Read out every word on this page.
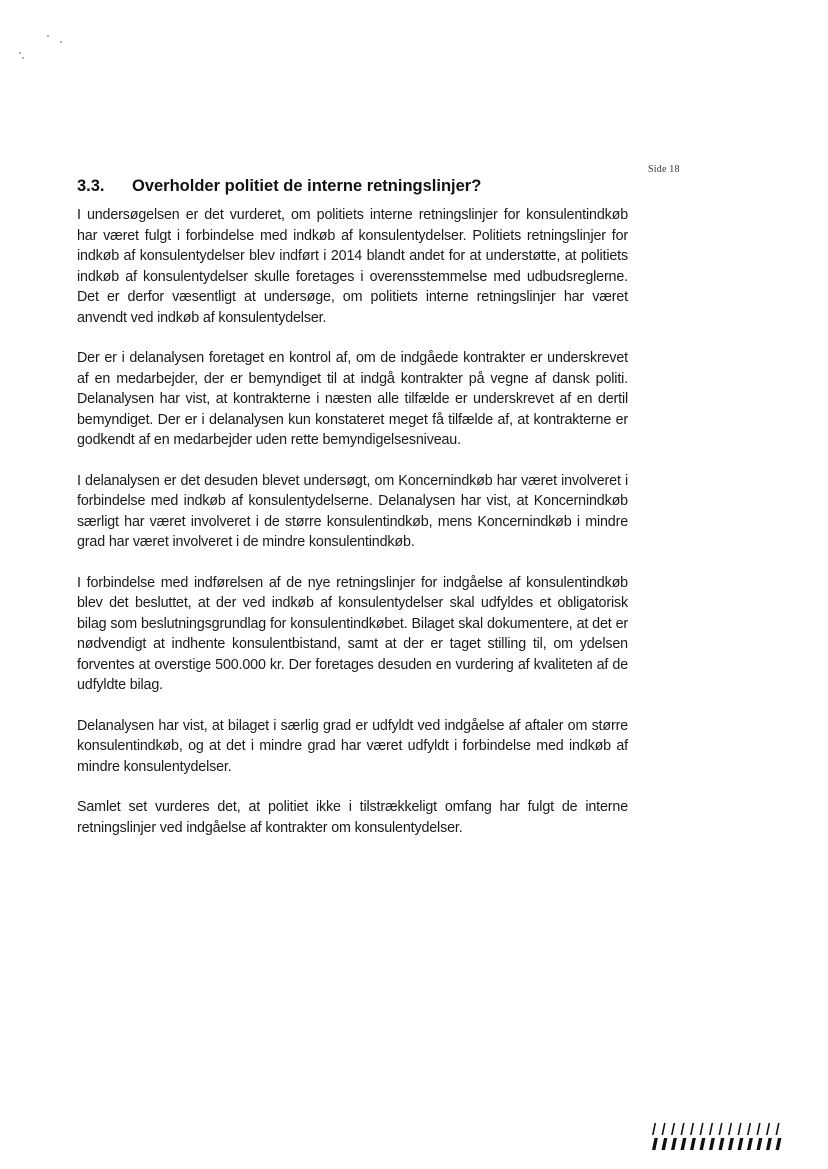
Side 18
3.3. Overholder politiet de interne retningslinjer?

I undersøgelsen er det vurderet, om politiets interne retningslinjer for konsulentindkøb har været fulgt i forbindelse med indkøb af konsulentydelser. Politiets retningslinjer for indkøb af konsulentydelser blev indført i 2014 blandt andet for at understøtte, at politiets indkøb af konsulentydelser skulle foretages i overensstemmelse med udbudsreglerne. Det er derfor væsentligt at undersøge, om politiets interne retningslinjer har været anvendt ved indkøb af konsulentydelser.

Der er i delanalysen foretaget en kontrol af, om de indgåede kontrakter er underskrevet af en medarbejder, der er bemyndiget til at indgå kontrakter på vegne af dansk politi. Delanalysen har vist, at kontrakterne i næsten alle tilfælde er underskrevet af en dertil bemyndiget. Der er i delanalysen kun konstateret meget få tilfælde af, at kontrakterne er godkendt af en medarbejder uden rette bemyndigelsesniveau.

I delanalysen er det desuden blevet undersøgt, om Koncernindkøb har været involveret i forbindelse med indkøb af konsulentydelserne. Delanalysen har vist, at Koncernindkøb særligt har været involveret i de større konsulentindkøb, mens Koncernindkøb i mindre grad har været involveret i de mindre konsulentindkøb.

I forbindelse med indførelsen af de nye retningslinjer for indgåelse af konsulentindkøb blev det besluttet, at der ved indkøb af konsulentydelser skal udfyldes et obligatorisk bilag som beslutningsgrundlag for konsulentindkøbet. Bilaget skal dokumentere, at det er nødvendigt at indhente konsulentbistand, samt at der er taget stilling til, om ydelsen forventes at overstige 500.000 kr. Der foretages desuden en vurdering af kvaliteten af de udfyldte bilag.

Delanalysen har vist, at bilaget i særlig grad er udfyldt ved indgåelse af aftaler om større konsulentindkøb, og at det i mindre grad har været udfyldt i forbindelse med indkøb af mindre konsulentydelser.

Samlet set vurderes det, at politiet ikke i tilstrækkeligt omfang har fulgt de interne retningslinjer ved indgåelse af kontrakter om konsulentydelser.
